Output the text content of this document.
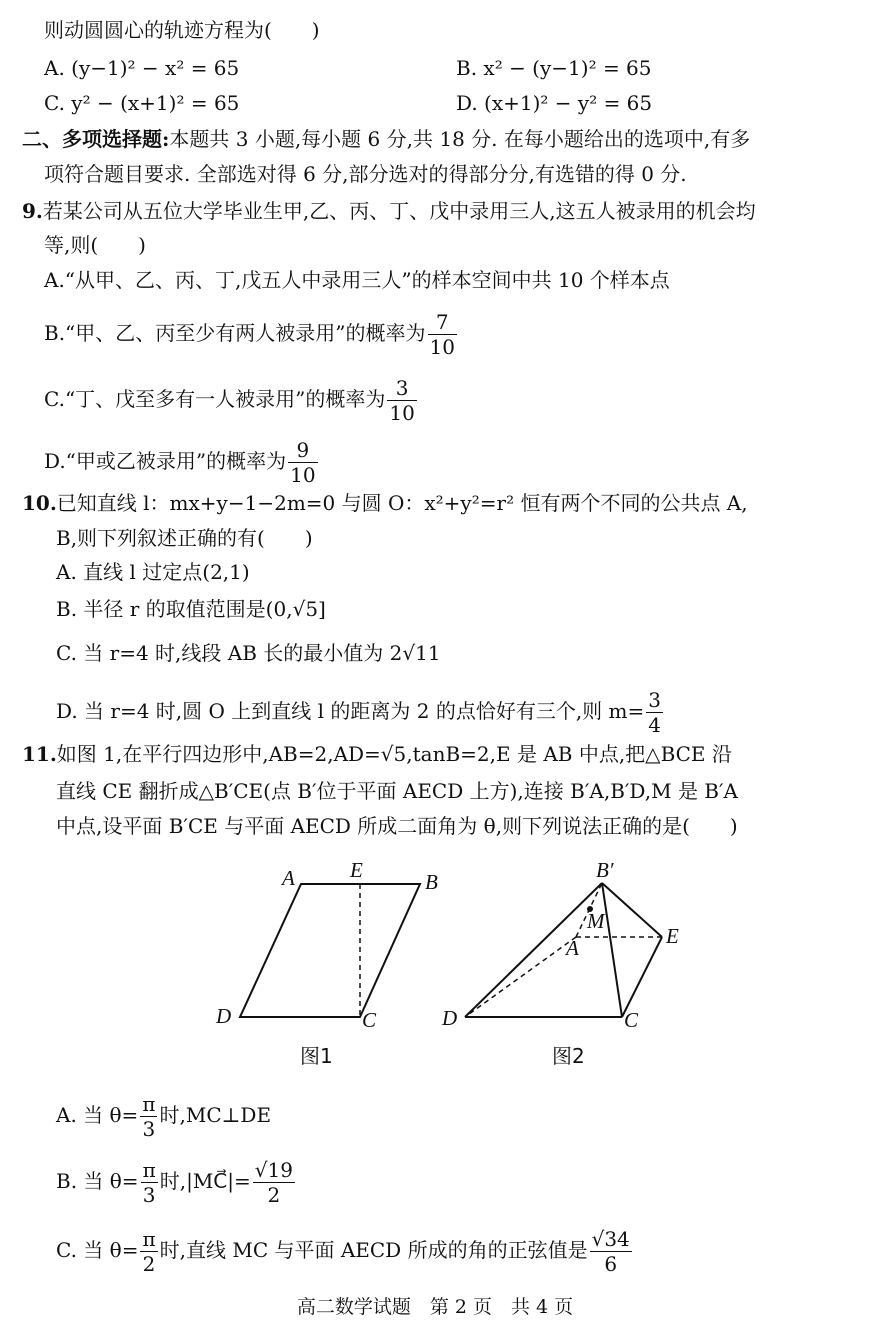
则动圆圆心的轨迹方程为(　　)
A. (y−1)² − x² = 65	B. x² − (y−1)² = 65
C. y² − (x+1)² = 65	D. (x+1)² − y² = 65
二、多项选择题:本题共 3 小题,每小题 6 分,共 18 分. 在每小题给出的选项中,有多
项符合题目要求. 全部选对得 6 分,部分选对的得部分分,有选错的得 0 分.
9.若某公司从五位大学毕业生甲,乙、丙、丁、戊中录用三人,这五人被录用的机会均
等,则(　　)
A.“从甲、乙、丙、丁,戊五人中录用三人”的样本空间中共 10 个样本点
B.“甲、乙、丙至少有两人被录用”的概率为 $\frac{7}{10}$
C.“丁、戊至多有一人被录用”的概率为 $\frac{3}{10}$
D.“甲或乙被录用”的概率为 $\frac{9}{10}$
10.已知直线 l：mx+y−1−2m=0 与圆 O：x²+y²=r² 恒有两个不同的公共点 A,
B,则下列叙述正确的有(　　)
A. 直线 l 过定点(2,1)
B. 半径 r 的取值范围是(0,√5]
C. 当 r=4 时,线段 AB 长的最小值为 2√11
D. 当 r=4 时,圆 O 上到直线 l 的距离为 2 的点恰好有三个,则 $m= \frac{3}{4}$
11.如图 1,在平行四边形中,AB=2,AD=√5,tanB=2,E 是 AB 中点,把△BCE 沿
直线 CE 翻折成△B′CE(点 B′位于平面 AECD 上方),连接 B′A,B′D,M 是 B′A
中点,设平面 B′CE 与平面 AECD 所成二面角为 θ,则下列说法正确的是(　　)
A	E	B
D	C
图1
B′
M
A	E
D	C
图2
A. 当 $\theta= \frac{\pi}{3}$ 时,MC⊥DE
B. 当 $\theta= \frac{\pi}{3}$ 时,|MC⃗|= $\frac{√19}{2}$
C. 当 $\theta= \frac{\pi}{2}$ 时,直线 MC 与平面 AECD 所成的角的正弦值是 $\frac{√34}{6}$
高二数学试题　第 2 页　共 4 页
